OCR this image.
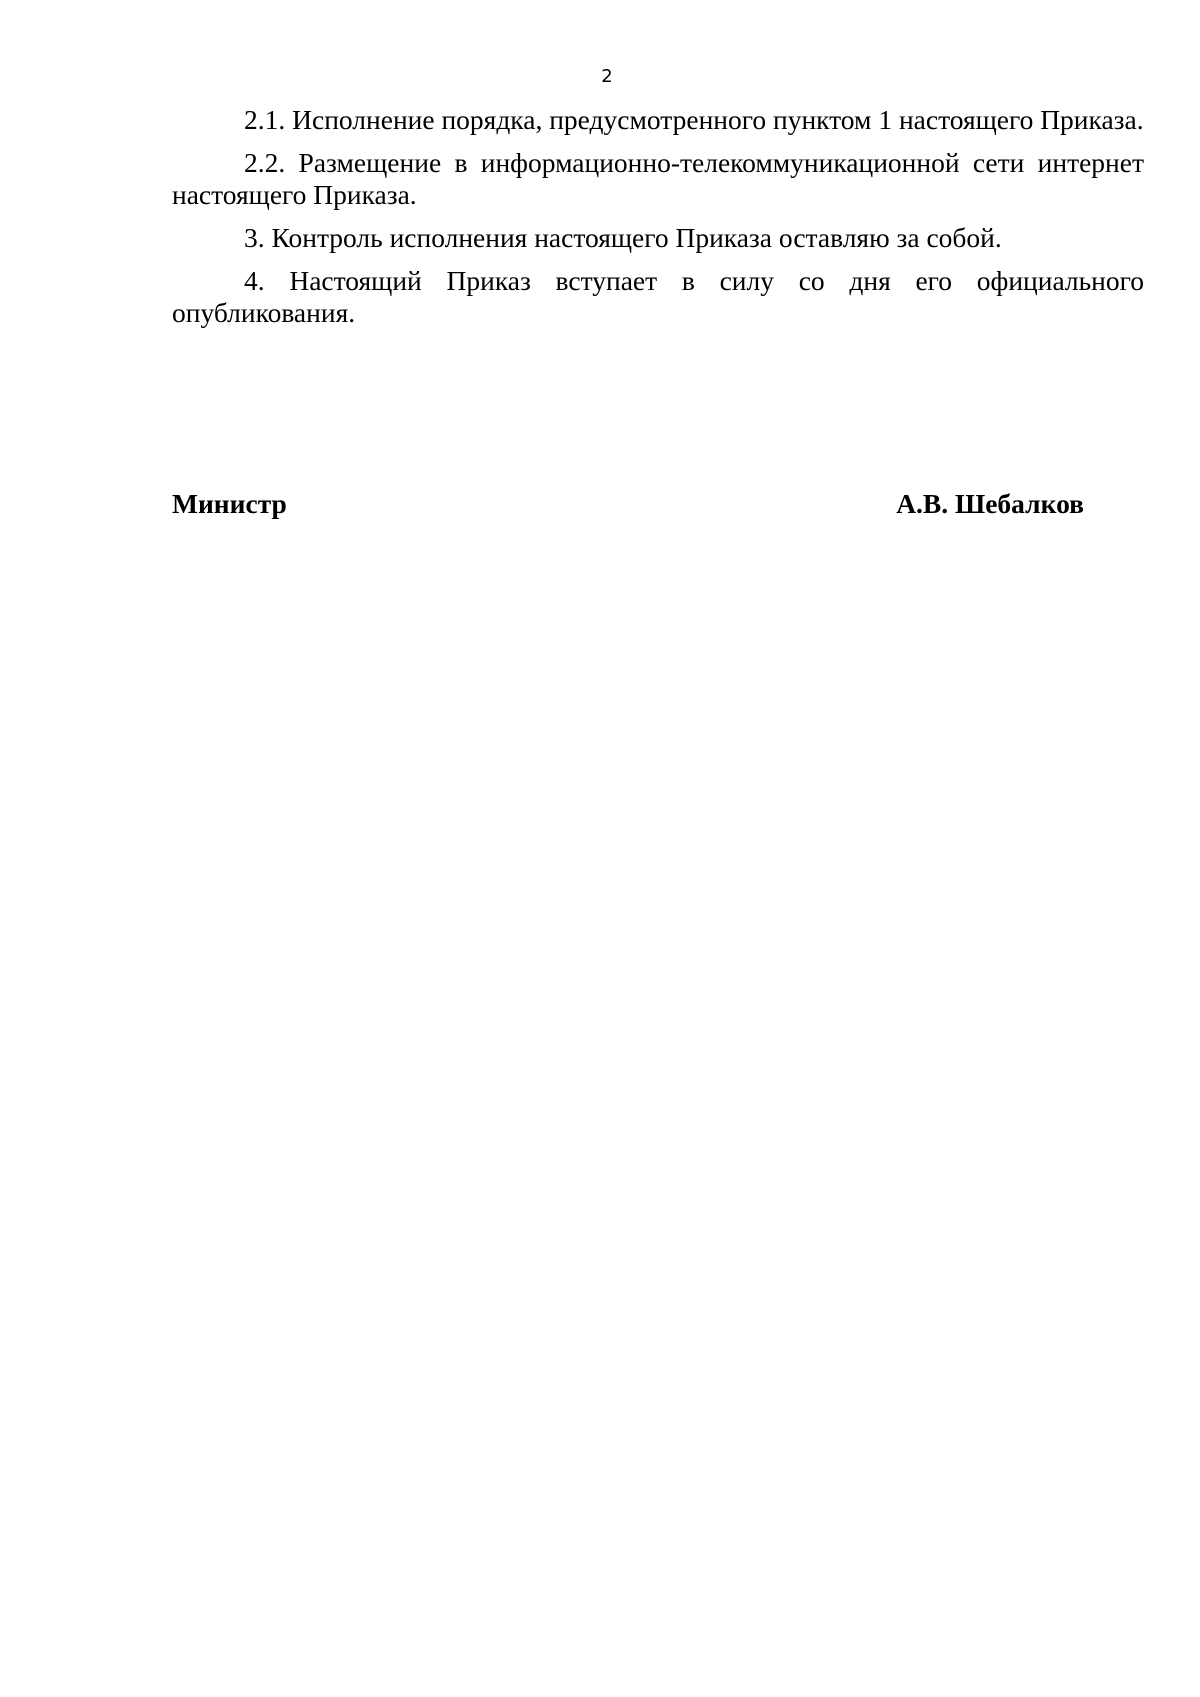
2

2.1. Исполнение порядка, предусмотренного пунктом 1 настоящего Приказа.

2.2. Размещение в информационно-телекоммуникационной сети интернет настоящего Приказа.

3. Контроль исполнения настоящего Приказа оставляю за собой.

4. Настоящий Приказ вступает в силу со дня его официального опубликования.

Министр	А.В. Шебалков
